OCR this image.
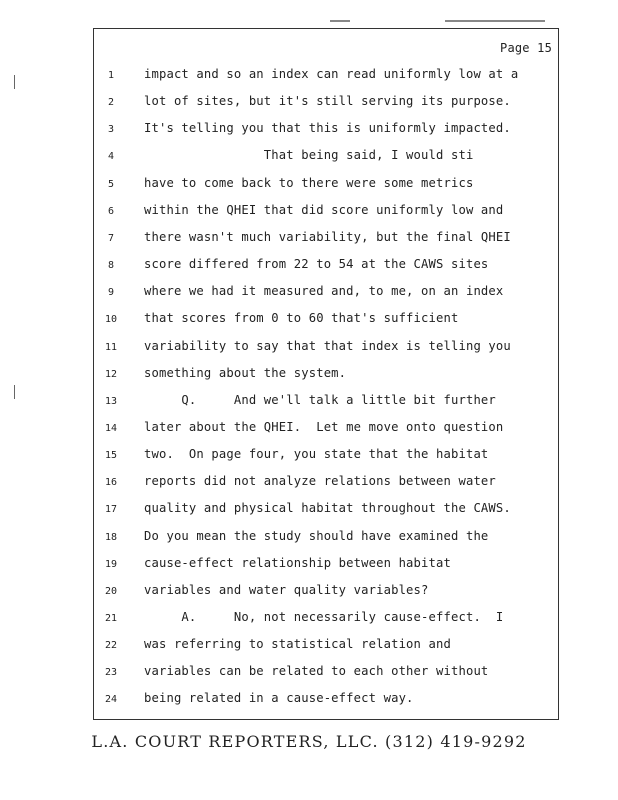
Page 15
1	impact and so an index can read uniformly low at a
2	lot of sites, but it's still serving its purpose.
3	It's telling you that this is uniformly impacted.
4	That being said, I would sti
5	have to come back to there were some metrics
6	within the QHEI that did score uniformly low and
7	there wasn't much variability, but the final QHEI
8	score differed from 22 to 54 at the CAWS sites
9	where we had it measured and, to me, on an index
10	that scores from 0 to 60 that's sufficient
11	variability to say that that index is telling you
12	something about the system.
13	Q.     And we'll talk a little bit further
14	later about the QHEI.  Let me move onto question
15	two.  On page four, you state that the habitat
16	reports did not analyze relations between water
17	quality and physical habitat throughout the CAWS.
18	Do you mean the study should have examined the
19	cause-effect relationship between habitat
20	variables and water quality variables?
21	A.     No, not necessarily cause-effect.  I
22	was referring to statistical relation and
23	variables can be related to each other without
24	being related in a cause-effect way.
L.A. COURT REPORTERS, LLC. (312) 419-9292
